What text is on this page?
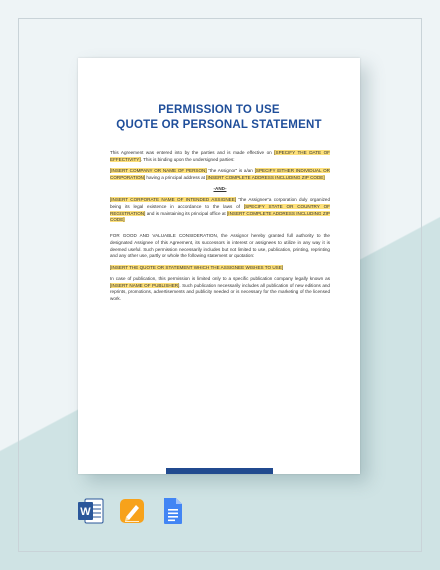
PERMISSION TO USE
QUOTE OR PERSONAL STATEMENT

This Agreement was entered into by the parties and is made effective on [SPECIFY THE DATE OF EFFECTIVITY]. This is binding upon the undersigned parties:

[INSERT COMPANY OR NAME OF PERSON] “the Assignor” is a/an [SPECIFY EITHER INDIVIDUAL OR CORPORATION] having a principal address at [INSERT COMPLETE ADDRESS INCLUDING ZIP CODE]

-AND-

[INSERT CORPORATE NAME OF INTENDED ASSIGNEE] “the Assignee”a corporation duly organized being its legal existence in accordance to the laws of [SPECIFY STATE OR COUNTRY OF REGISTRATION] and is maintaining its principal office at [INSERT COMPLETE ADDRESS INCLUDING ZIP CODE]

FOR GOOD AND VALUABLE CONSIDERATION, the Assignor hereby granted full authority to the designated Assignee of this Agreement, its successors in interest or assignees to utilize in any way it is deemed useful. Such permission necessarily includes but not limited to use, publication, printing, reprinting and any other use, partly or whole the following statement or quotation:

[INSERT THE QUOTE OR STATEMENT WHICH THE ASSIGNEE WISHES TO USE]

In case of publication, this permission is limited only to a specific publication company legally known as [INSERT NAME OF PUBLISHER]. Such publication necessarily includes all publication of new editions and reprints, promotions, advertisements and publicity needed or is necessary for the marketing of the licensed work.

W
